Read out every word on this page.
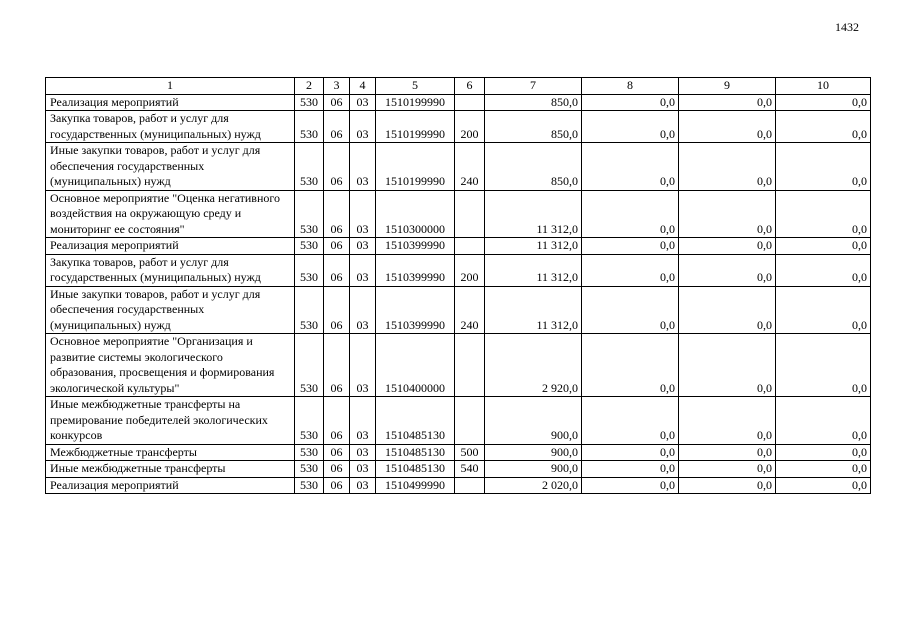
1432
1	2	3	4	5	6	7	8	9	10
Реализация мероприятий	530	06	03	1510199990		850,0	0,0	0,0	0,0
Закупка товаров, работ и услуг для государственных (муниципальных) нужд	530	06	03	1510199990	200	850,0	0,0	0,0	0,0
Иные закупки товаров, работ и услуг для обеспечения государственных (муниципальных) нужд	530	06	03	1510199990	240	850,0	0,0	0,0	0,0
Основное мероприятие "Оценка негативного воздействия на окружающую среду и мониторинг ее состояния"	530	06	03	1510300000		11 312,0	0,0	0,0	0,0
Реализация мероприятий	530	06	03	1510399990		11 312,0	0,0	0,0	0,0
Закупка товаров, работ и услуг для государственных (муниципальных) нужд	530	06	03	1510399990	200	11 312,0	0,0	0,0	0,0
Иные закупки товаров, работ и услуг для обеспечения государственных (муниципальных) нужд	530	06	03	1510399990	240	11 312,0	0,0	0,0	0,0
Основное мероприятие "Организация и развитие системы экологического образования, просвещения и формирования экологической культуры"	530	06	03	1510400000		2 920,0	0,0	0,0	0,0
Иные межбюджетные трансферты на премирование победителей экологических конкурсов	530	06	03	1510485130		900,0	0,0	0,0	0,0
Межбюджетные трансферты	530	06	03	1510485130	500	900,0	0,0	0,0	0,0
Иные межбюджетные трансферты	530	06	03	1510485130	540	900,0	0,0	0,0	0,0
Реализация мероприятий	530	06	03	1510499990		2 020,0	0,0	0,0	0,0
